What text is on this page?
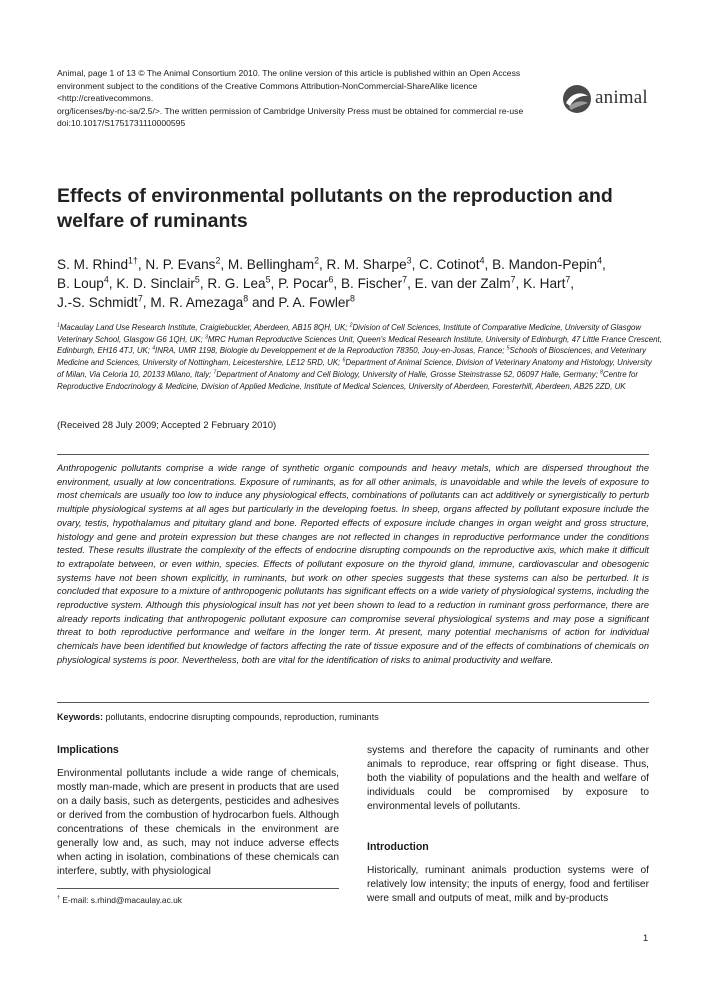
Animal, page 1 of 13 © The Animal Consortium 2010. The online version of this article is published within an Open Access
environment subject to the conditions of the Creative Commons Attribution-NonCommercial-ShareAlike licence <http://creativecommons.
org/licenses/by-nc-sa/2.5/>. The written permission of Cambridge University Press must be obtained for commercial re-use
doi:10.1017/S1751731110000595
animal
Effects of environmental pollutants on the reproduction and
welfare of ruminants
S. M. Rhind$^{1\dagger}$, N. P. Evans$^2$, M. Bellingham$^2$, R. M. Sharpe$^3$, C. Cotinot$^4$, B. Mandon-Pepin$^4$,
B. Loup$^4$, K. D. Sinclair$^5$, R. G. Lea$^5$, P. Pocar$^6$, B. Fischer$^7$, E. van der Zalm$^7$, K. Hart$^7$,
J.-S. Schmidt$^7$, M. R. Amezaga$^8$ and P. A. Fowler$^8$
$^1$Macaulay Land Use Research Institute, Craigiebuckler, Aberdeen, AB15 8QH, UK; $^2$Division of Cell Sciences, Institute of Comparative Medicine, University of Glasgow
Veterinary School, Glasgow G6 1QH, UK; $^3$MRC Human Reproductive Sciences Unit, Queen's Medical Research Institute, University of Edinburgh, 47 Little France Crescent,
Edinburgh, EH16 4TJ, UK; $^4$INRA, UMR 1198, Biologie du Developpement et de la Reproduction 78350, Jouy-en-Josas, France; $^5$Schools of Biosciences, and Veterinary
Medicine and Sciences, University of Nottingham, Leicestershire, LE12 5RD, UK; $^6$Department of Animal Science, Division of Veterinary Anatomy and Histology, University
of Milan, Via Celoria 10, 20133 Milano, Italy; $^7$Department of Anatomy and Cell Biology, University of Halle, Grosse Steinstrasse 52, 06097 Halle, Germany; $^8$Centre for
Reproductive Endocrinology & Medicine, Division of Applied Medicine, Institute of Medical Sciences, University of Aberdeen, Foresterhill, Aberdeen, AB25 2ZD, UK
(Received 28 July 2009; Accepted 2 February 2010)
Anthropogenic pollutants comprise a wide range of synthetic organic compounds and heavy metals, which are dispersed throughout the environment, usually at low concentrations. Exposure of ruminants, as for all other animals, is unavoidable and while the levels of exposure to most chemicals are usually too low to induce any physiological effects, combinations of pollutants can act additively or synergistically to perturb multiple physiological systems at all ages but particularly in the developing foetus. In sheep, organs affected by pollutant exposure include the ovary, testis, hypothalamus and pituitary gland and bone. Reported effects of exposure include changes in organ weight and gross structure, histology and gene and protein expression but these changes are not reflected in changes in reproductive performance under the conditions tested. These results illustrate the complexity of the effects of endocrine disrupting compounds on the reproductive axis, which make it difficult to extrapolate between, or even within, species. Effects of pollutant exposure on the thyroid gland, immune, cardiovascular and obesogenic systems have not been shown explicitly, in ruminants, but work on other species suggests that these systems can also be perturbed. It is concluded that exposure to a mixture of anthropogenic pollutants has significant effects on a wide variety of physiological systems, including the reproductive system. Although this physiological insult has not yet been shown to lead to a reduction in ruminant gross performance, there are already reports indicating that anthropogenic pollutant exposure can compromise several physiological systems and may pose a significant threat to both reproductive performance and welfare in the longer term. At present, many potential mechanisms of action for individual chemicals have been identified but knowledge of factors affecting the rate of tissue exposure and of the effects of combinations of chemicals on physiological systems is poor. Nevertheless, both are vital for the identification of risks to animal productivity and welfare.
Keywords: pollutants, endocrine disrupting compounds, reproduction, ruminants
Implications

Environmental pollutants include a wide range of chemicals, mostly man-made, which are present in products that are used on a daily basis, such as detergents, pesticides and adhesives or derived from the combustion of hydrocarbon fuels. Although concentrations of these chemicals in the environment are generally low and, as such, may not induce adverse effects when acting in isolation, combinations of these chemicals can interfere, subtly, with physiological

† E-mail: s.rhind@macaulay.ac.uk

systems and therefore the capacity of ruminants and other animals to reproduce, rear offspring or fight disease. Thus, both the viability of populations and the health and welfare of individuals could be compromised by exposure to environmental levels of pollutants.

Introduction

Historically, ruminant animals production systems were of relatively low intensity; the inputs of energy, food and fertiliser were small and outputs of meat, milk and by-products

1
